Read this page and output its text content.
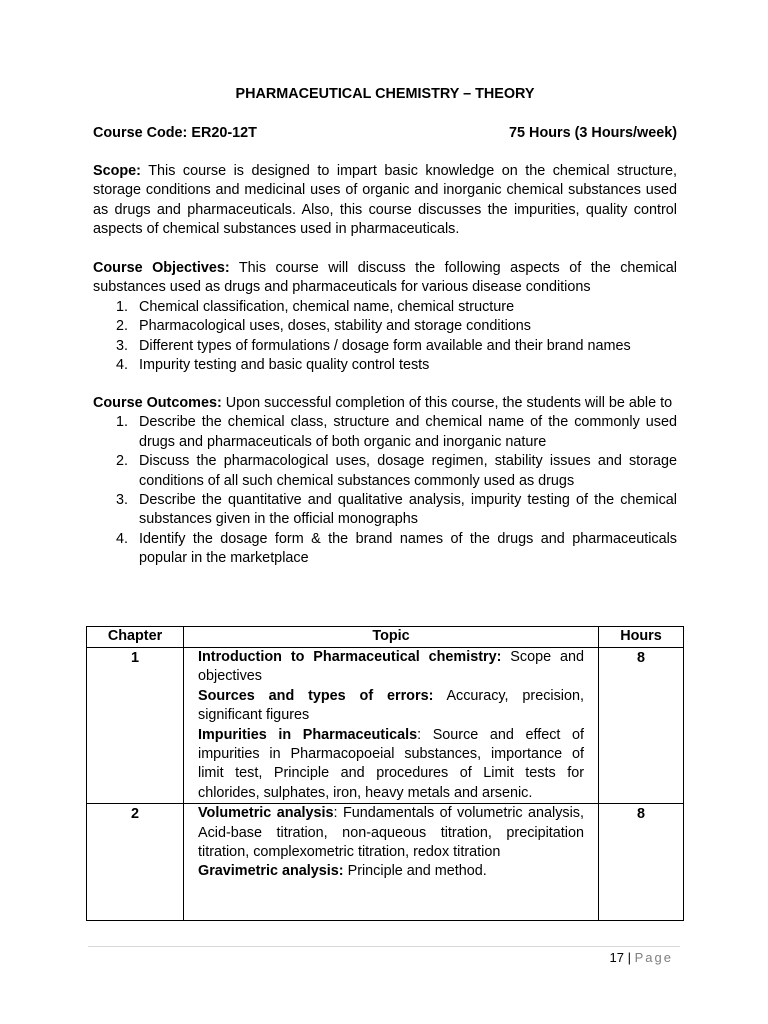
PHARMACEUTICAL CHEMISTRY – THEORY
Course Code: ER20-12T	75 Hours (3 Hours/week)
Scope: This course is designed to impart basic knowledge on the chemical structure, storage conditions and medicinal uses of organic and inorganic chemical substances used as drugs and pharmaceuticals. Also, this course discusses the impurities, quality control aspects of chemical substances used in pharmaceuticals.
Course Objectives: This course will discuss the following aspects of the chemical substances used as drugs and pharmaceuticals for various disease conditions
1. Chemical classification, chemical name, chemical structure
2. Pharmacological uses, doses, stability and storage conditions
3. Different types of formulations / dosage form available and their brand names
4. Impurity testing and basic quality control tests
Course Outcomes: Upon successful completion of this course, the students will be able to
1. Describe the chemical class, structure and chemical name of the commonly used drugs and pharmaceuticals of both organic and inorganic nature
2. Discuss the pharmacological uses, dosage regimen, stability issues and storage conditions of all such chemical substances commonly used as drugs
3. Describe the quantitative and qualitative analysis, impurity testing of the chemical substances given in the official monographs
4. Identify the dosage form & the brand names of the drugs and pharmaceuticals popular in the marketplace
Chapter	Topic	Hours
1	Introduction to Pharmaceutical chemistry: Scope and objectives
Sources and types of errors: Accuracy, precision, significant figures
Impurities in Pharmaceuticals: Source and effect of impurities in Pharmacopoeial substances, importance of limit test, Principle and procedures of Limit tests for chlorides, sulphates, iron, heavy metals and arsenic.	8
2	Volumetric analysis: Fundamentals of volumetric analysis, Acid-base titration, non-aqueous titration, precipitation titration, complexometric titration, redox titration
Gravimetric analysis: Principle and method.	8
17 | Page
